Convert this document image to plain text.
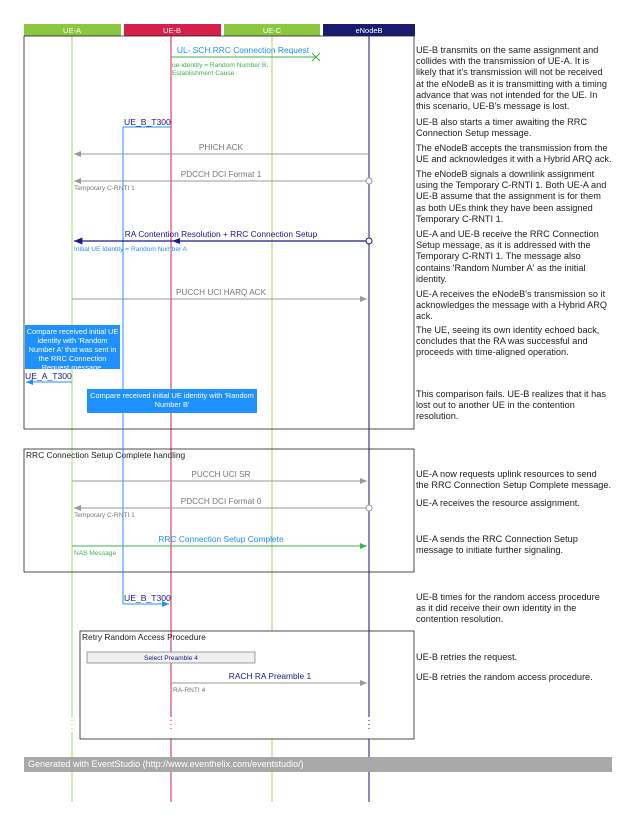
UE-A	UE-B	UE-C	eNodeB
RRC Connection Setup Complete handling
UL- SCH RRC Connection Request
ue-identity = Random Number B,
Establishment Cause
UE_B_T300
PHICH ACK
PDCCH DCI Format 1
Temporary C-RNTI 1
RA Contention Resolution + RRC Connection Setup
Initial UE Identity = Random Number A
PUCCH UCI HARQ ACK
UE_A_T300
PUCCH UCI SR
PDCCH DCI Format 0
Temporary C-RNTI 1
RRC Connection Setup Complete
NAS Message
UE_B_T300
Retry Random Access Procedure
Select Preamble 4
RACH RA Preamble 1
RA-RNTI 4
Compare received initial UE identity with 'Random Number A' that was sent in the RRC Connection Request message.
Compare received initial UE identity with 'Random Number B'
UE-B transmits on the same assignment and collides with the transmission of UE-A. It is likely that it's transmission will not be received at the eNodeB as it is transmitting with a timing advance that was not intended for the UE. In this scenario, UE-B's message is lost.
UE-B also starts a timer awaiting the RRC Connection Setup message.
The eNodeB accepts the transmission from the UE and acknowledges it with a Hybrid ARQ ack.
The eNodeB signals a downlink assignment using the Temporary C-RNTI 1. Both UE-A and UE-B assume that the assignment is for them as both UEs think they have been assigned Temporary C-RNTI 1.
UE-A and UE-B receive the RRC Connection Setup message, as it is addressed with the Temporary C-RNTI 1. The message also contains 'Random Number A' as the initial identity.
UE-A receives the eNodeB's transmission so it acknowledges the message with a Hybrid ARQ ack.
The UE, seeing its own identity echoed back, concludes that the RA was successful and proceeds with time-aligned operation.
This comparison fails. UE-B realizes that it has lost out to another UE in the contention resolution.
UE-A now requests uplink resources to send the RRC Connection Setup Complete message.
UE-A receives the resource assignment.
UE-A sends the RRC Connection Setup message to initiate further signaling.
UE-B times for the random access procedure as it did receive their own identity in the contention resolution.
UE-B retries the request.
UE-B retries the random access procedure.
Generated with EventStudio (http://www.eventhelix.com/eventstudio/)
